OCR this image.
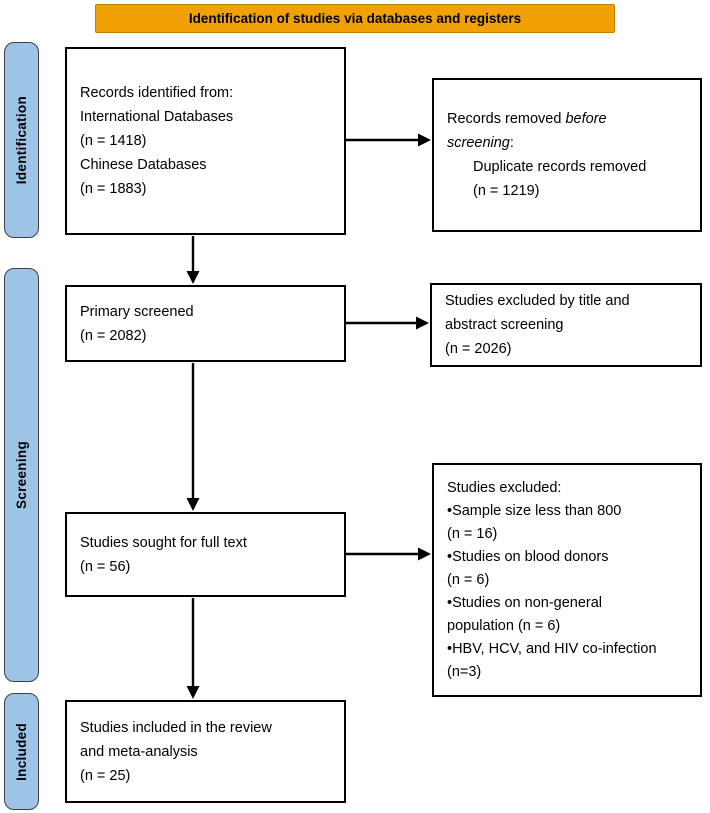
Identification of studies via databases and registers
Identification
Screening
Included
Records identified from:
International Databases
(n = 1418)
Chinese Databases
(n = 1883)
Records removed before
screening:
Duplicate records removed
(n = 1219)
Primary screened
(n = 2082)
Studies excluded by title and
abstract screening
(n = 2026)
Studies sought for full text
(n = 56)
Studies excluded:
•Sample size less than 800
(n = 16)
•Studies on blood donors
(n = 6)
•Studies on non-general
population (n = 6)
•HBV, HCV, and HIV co-infection
(n=3)
Studies included in the review
and meta-analysis
(n = 25)
